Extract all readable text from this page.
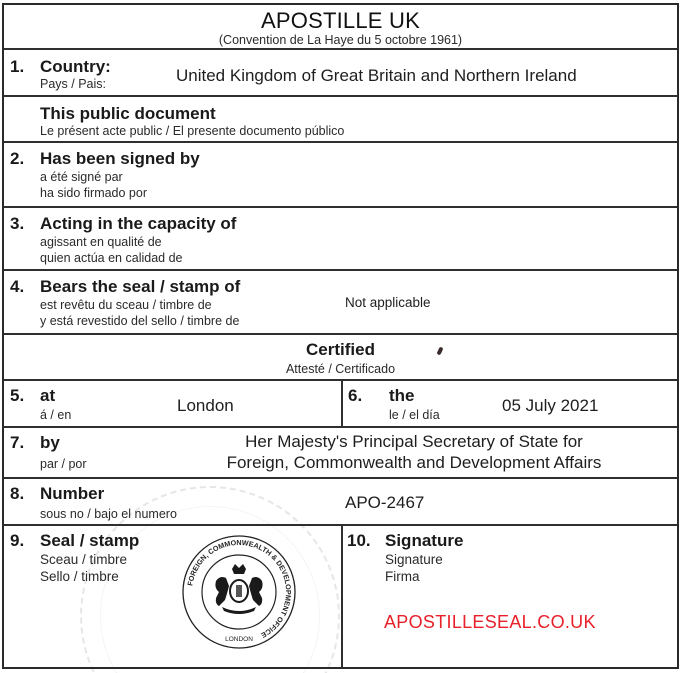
APOSTILLE UK
(Convention de La Haye du 5 octobre 1961)
1. Country:
Pays / Pais:	United Kingdom of Great Britain and Northern Ireland
This public document
Le présent acte public / El presente documento público
2. Has been signed by
a été signé par
ha sido firmado por
3. Acting in the capacity of
agissant en qualité de
quien actúa en calidad de
4. Bears the seal / stamp of
est revêtu du sceau / timbre de
y está revestido del sello / timbre de
Not applicable
Certified
Attesté / Certificado
5. at
á / en	London
6. the
le / el día	05 July 2021
7. by
par / por
Her Majesty's Principal Secretary of State for
Foreign, Commonwealth and Development Affairs
8. Number
sous no / bajo el numero
APO-2467
9. Seal / stamp
Sceau / timbre
Sello / timbre
10. Signature
Signature
Firma
APOSTILLESEAL.CO.UK
FOREIGN, COMMONWEALTH & DEVELOPMENT OFFICE
LONDON
